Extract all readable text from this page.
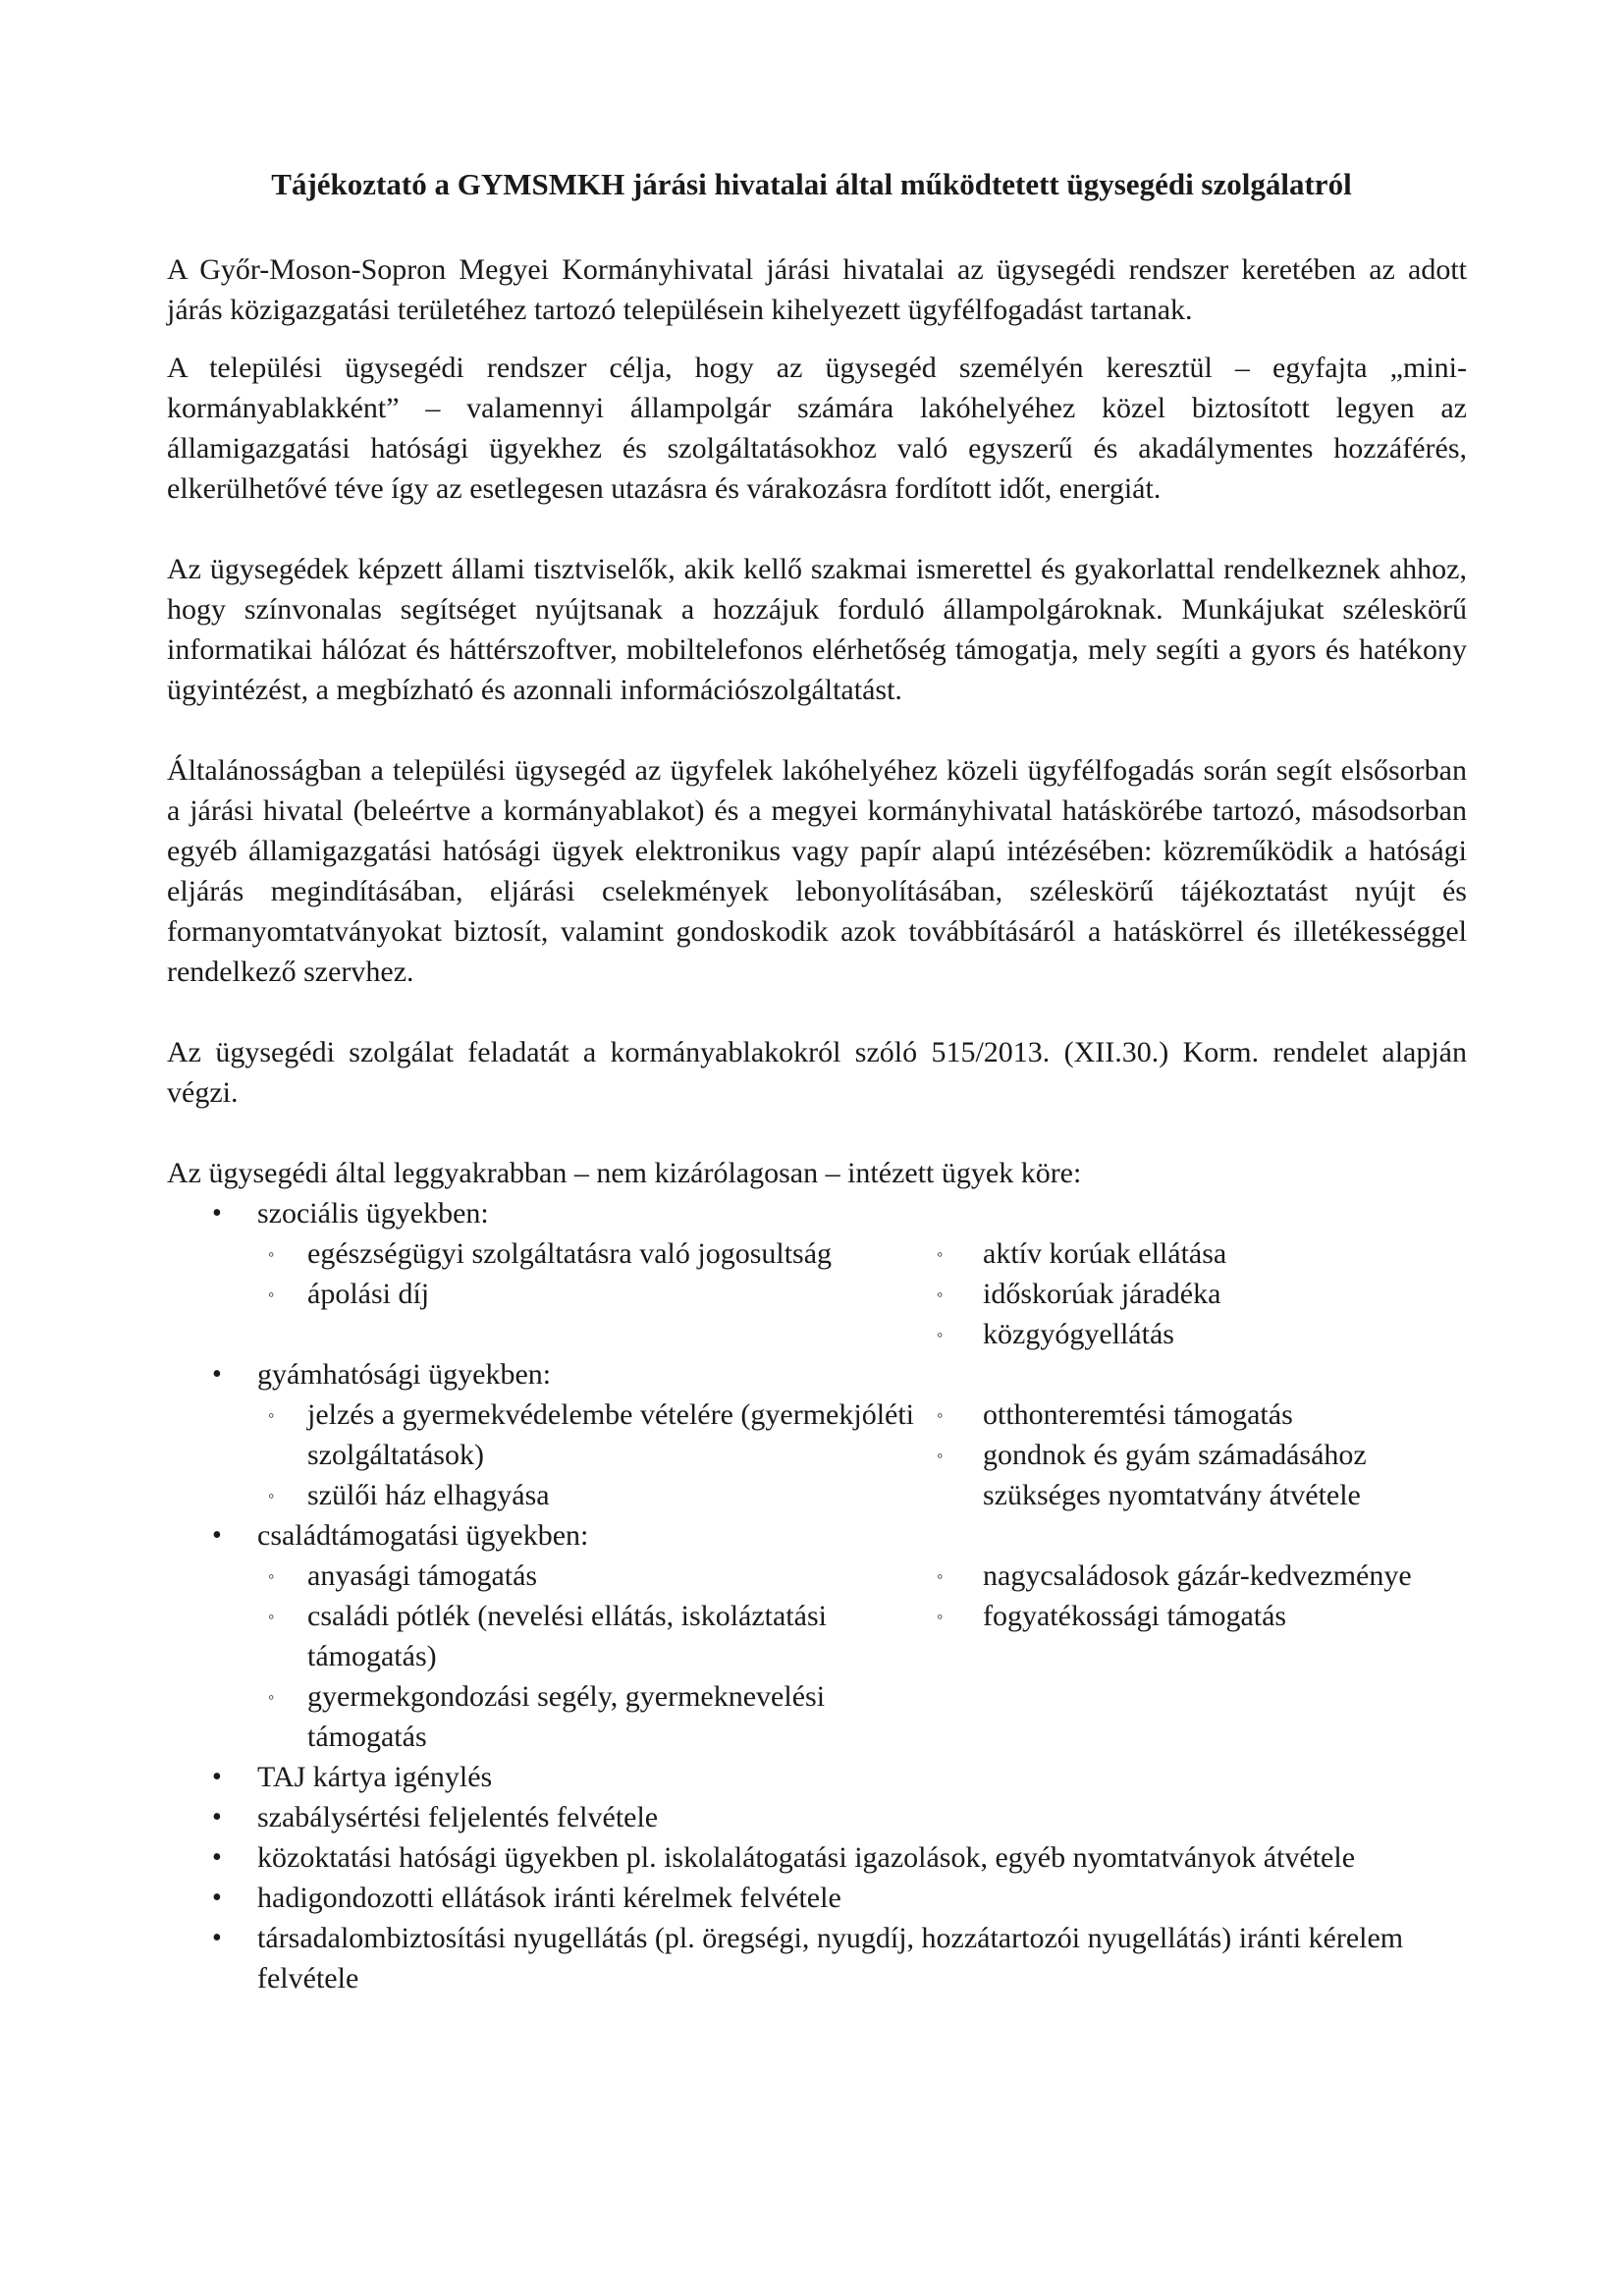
Tájékoztató a GYMSMKH járási hivatalai által működtetett ügysegédi szolgálatról

A Győr-Moson-Sopron Megyei Kormányhivatal járási hivatalai az ügysegédi rendszer keretében az adott járás közigazgatási területéhez tartozó településein kihelyezett ügyfélfogadást tartanak.

A települési ügysegédi rendszer célja, hogy az ügysegéd személyén keresztül – egyfajta „mini-kormányablakként” – valamennyi állampolgár számára lakóhelyéhez közel biztosított legyen az államigazgatási hatósági ügyekhez és szolgáltatásokhoz való egyszerű és akadálymentes hozzáférés, elkerülhetővé téve így az esetlegesen utazásra és várakozásra fordított időt, energiát.

Az ügysegédek képzett állami tisztviselők, akik kellő szakmai ismerettel és gyakorlattal rendelkeznek ahhoz, hogy színvonalas segítséget nyújtsanak a hozzájuk forduló állampolgároknak. Munkájukat széleskörű informatikai hálózat és háttérszoftver, mobiltelefonos elérhetőség támogatja, mely segíti a gyors és hatékony ügyintézést, a megbízható és azonnali információszolgáltatást.

Általánosságban a települési ügysegéd az ügyfelek lakóhelyéhez közeli ügyfélfogadás során segít elsősorban a járási hivatal (beleértve a kormányablakot) és a megyei kormányhivatal hatáskörébe tartozó, másodsorban egyéb államigazgatási hatósági ügyek elektronikus vagy papír alapú intézésében: közreműködik a hatósági eljárás megindításában, eljárási cselekmények lebonyolításában, széleskörű tájékoztatást nyújt és formanyomtatványokat biztosít, valamint gondoskodik azok továbbításáról a hatáskörrel és illetékességgel rendelkező szervhez.

Az ügysegédi szolgálat feladatát a kormányablakokról szóló 515/2013. (XII.30.) Korm. rendelet alapján végzi.

Az ügysegédi által leggyakrabban – nem kizárólagosan – intézett ügyek köre:

• szociális ügyekben:
◦ egészségügyi szolgáltatásra való jogosultság
◦ ápolási díj
◦ aktív korúak ellátása
◦ időskorúak járadéka
◦ közgyógyellátás
• gyámhatósági ügyekben:
◦ jelzés a gyermekvédelembe vételére (gyermekjóléti szolgáltatások)
◦ szülői ház elhagyása
◦ otthonteremtési támogatás
◦ gondnok és gyám számadásához szükséges nyomtatvány átvétele
• családtámogatási ügyekben:
◦ anyasági támogatás
◦ családi pótlék (nevelési ellátás, iskoláztatási támogatás)
◦ gyermekgondozási segély, gyermeknevelési támogatás
◦ nagycsaládosok gázár-kedvezménye
◦ fogyatékossági támogatás
• TAJ kártya igénylés
• szabálysértési feljelentés felvétele
• közoktatási hatósági ügyekben pl. iskolalátogatási igazolások, egyéb nyomtatványok átvétele
• hadigondozotti ellátások iránti kérelmek felvétele
• társadalombiztosítási nyugellátás (pl. öregségi, nyugdíj, hozzátartozói nyugellátás) iránti kérelem felvétele
